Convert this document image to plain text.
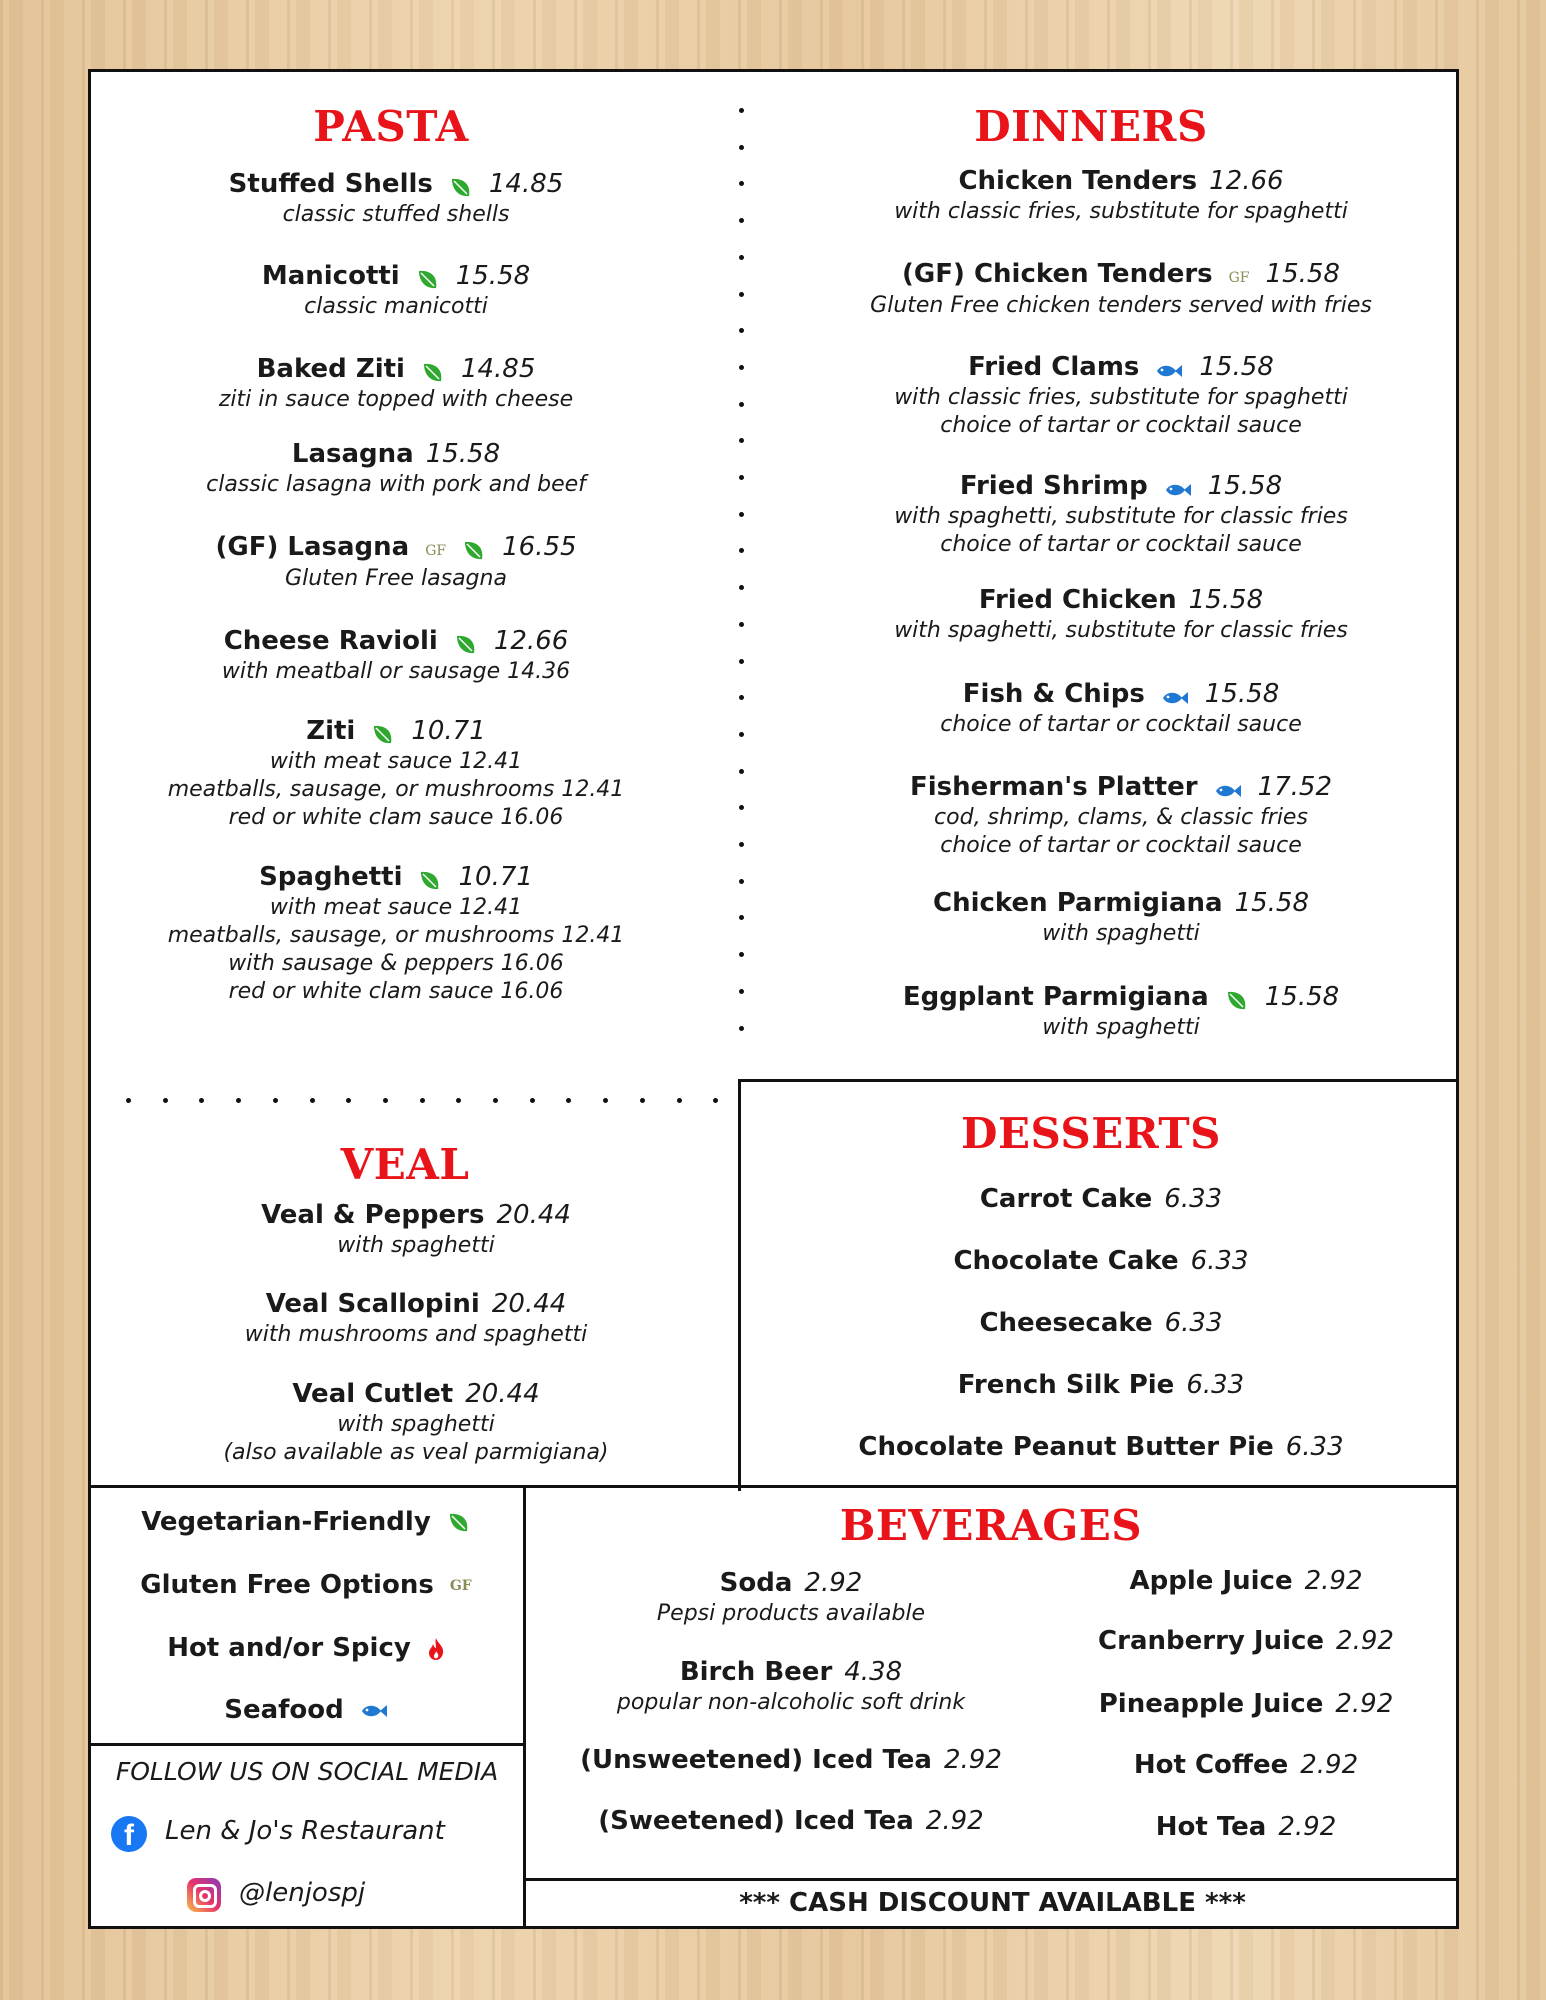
PASTA	DINNERS
VEAL
DESSERTS
BEVERAGES
Stuffed Shells 14.85
classic stuffed shells
Manicotti 15.58
classic manicotti
Baked Ziti 14.85
ziti in sauce topped with cheese
Lasagna 15.58
classic lasagna with pork and beef
(GF) Lasagna GF 16.55
Gluten Free lasagna
Cheese Ravioli 12.66
with meatball or sausage 14.36
Ziti 10.71
with meat sauce 12.41
meatballs, sausage, or mushrooms 12.41
red or white clam sauce 16.06
Spaghetti 10.71
with meat sauce 12.41
meatballs, sausage, or mushrooms 12.41
with sausage & peppers 16.06
red or white clam sauce 16.06
Chicken Tenders 12.66
with classic fries, substitute for spaghetti
(GF) Chicken Tenders GF 15.58
Gluten Free chicken tenders served with fries
Fried Clams 15.58
with classic fries, substitute for spaghetti
choice of tartar or cocktail sauce
Fried Shrimp 15.58
with spaghetti, substitute for classic fries
choice of tartar or cocktail sauce
Fried Chicken 15.58
with spaghetti, substitute for classic fries
Fish & Chips 15.58
choice of tartar or cocktail sauce
Fisherman's Platter 17.52
cod, shrimp, clams, & classic fries
choice of tartar or cocktail sauce
Chicken Parmigiana 15.58
with spaghetti
Eggplant Parmigiana 15.58
with spaghetti
Veal & Peppers 20.44
with spaghetti
Veal Scallopini 20.44
with mushrooms and spaghetti
Veal Cutlet 20.44
with spaghetti
(also available as veal parmigiana)
Carrot Cake 6.33
Chocolate Cake 6.33
Cheesecake 6.33
French Silk Pie 6.33
Chocolate Peanut Butter Pie 6.33
Soda 2.92
Pepsi products available
Birch Beer 4.38
popular non-alcoholic soft drink
(Unsweetened) Iced Tea 2.92
(Sweetened) Iced Tea 2.92
Apple Juice 2.92
Cranberry Juice 2.92
Pineapple Juice 2.92
Hot Coffee 2.92
Hot Tea 2.92
Vegetarian-Friendly
Gluten Free Options GF
Hot and/or Spicy
Seafood
FOLLOW US ON SOCIAL MEDIA
f	Len & Jo's Restaurant
@lenjospj	*** CASH DISCOUNT AVAILABLE ***
